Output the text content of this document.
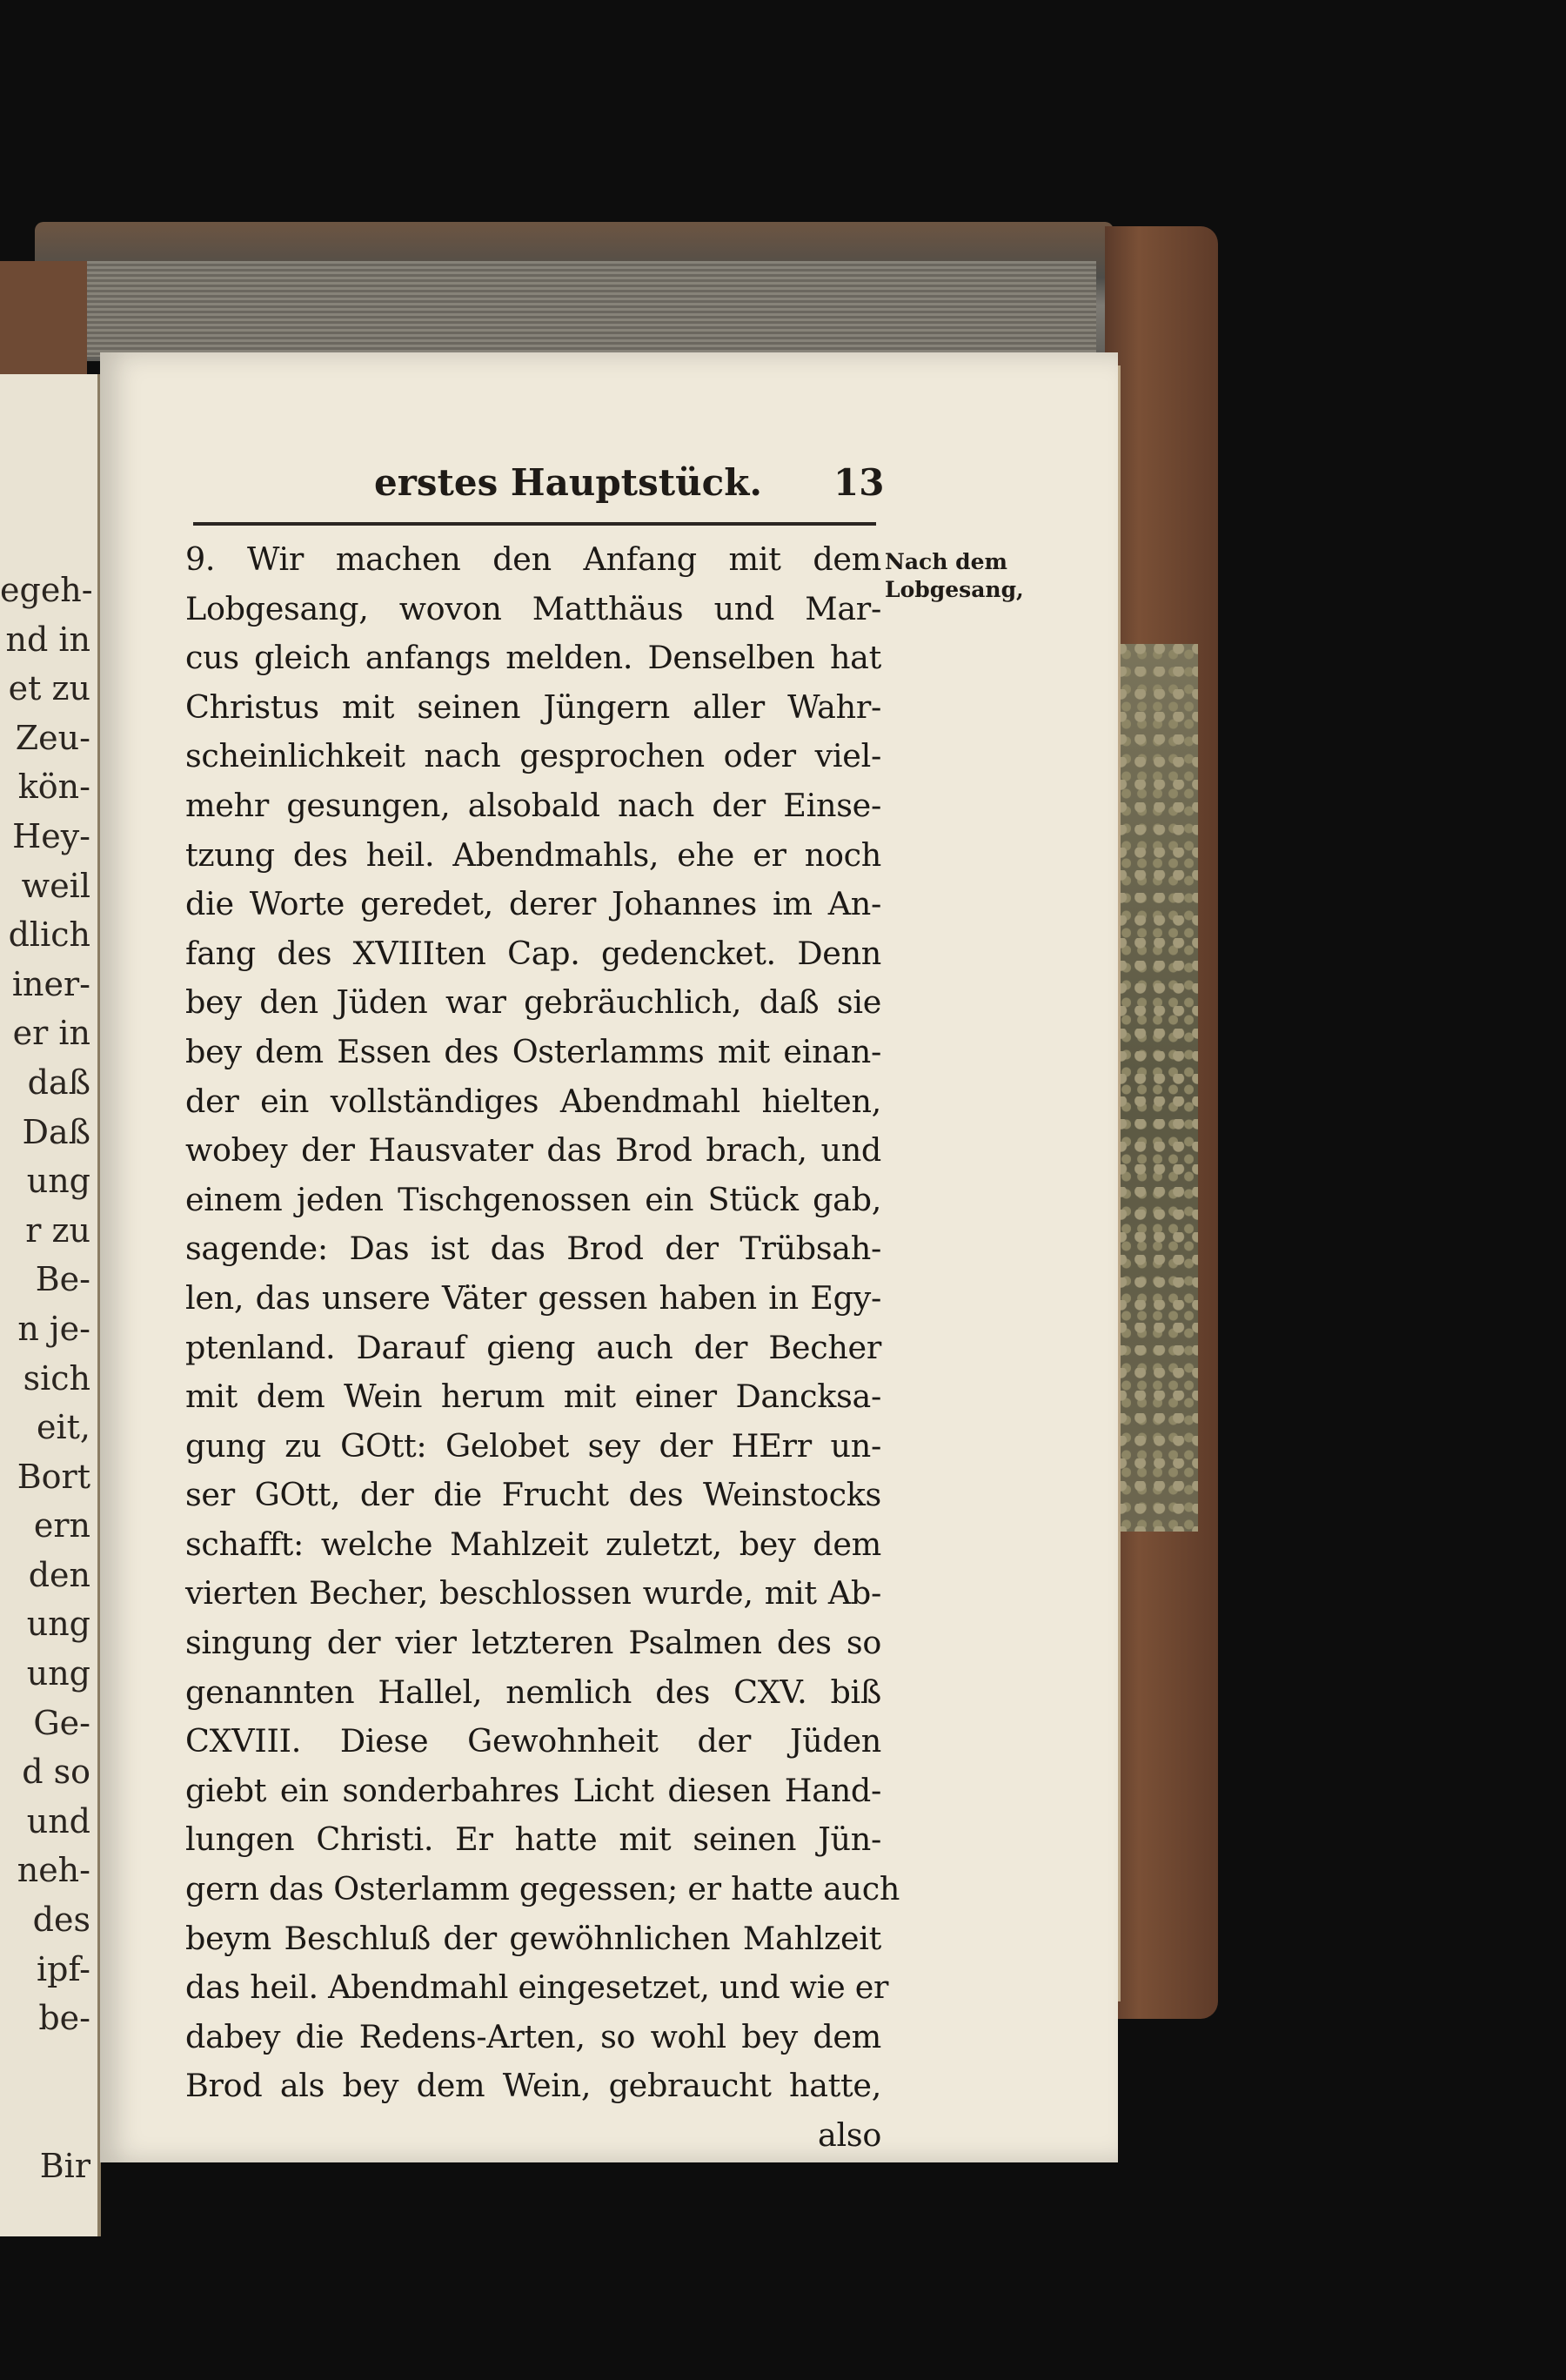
egeh-
nd in
et zu
Zeu-
kön-
Hey-
weil
dlich
iner-
er in
daß
Daß
ung
r zu
Be-
n je-
sich
eit,
Bort
ern
den
ung
ung
Ge-
d so
und
neh-
des
ipf-
be-
Bir
erstes Hauptstück. 13
Nach dem
Lobgesang,
9. Wir machen den Anfang mit dem
Lobgesang, wovon Matthäus und Mar-
cus gleich anfangs melden. Denselben hat
Christus mit seinen Jüngern aller Wahr-
scheinlichkeit nach gesprochen oder viel-
mehr gesungen, alsobald nach der Einse-
tzung des heil. Abendmahls, ehe er noch
die Worte geredet, derer Johannes im An-
fang des XVIIIten Cap. gedencket. Denn
bey den Jüden war gebräuchlich, daß sie
bey dem Essen des Osterlamms mit einan-
der ein vollständiges Abendmahl hielten,
wobey der Hausvater das Brod brach, und
einem jeden Tischgenossen ein Stück gab,
sagende: Das ist das Brod der Trübsah-
len, das unsere Väter gessen haben in Egy-
ptenland. Darauf gieng auch der Becher
mit dem Wein herum mit einer Dancksa-
gung zu GOtt: Gelobet sey der HErr un-
ser GOtt, der die Frucht des Weinstocks
schafft: welche Mahlzeit zuletzt, bey dem
vierten Becher, beschlossen wurde, mit Ab-
singung der vier letzteren Psalmen des so
genannten Hallel, nemlich des CXV. biß
CXVIII. Diese Gewohnheit der Jüden
giebt ein sonderbahres Licht diesen Hand-
lungen Christi. Er hatte mit seinen Jün-
gern das Osterlamm gegessen; er hatte auch
beym Beschluß der gewöhnlichen Mahlzeit
das heil. Abendmahl eingesetzet, und wie er
dabey die Redens-Arten, so wohl bey dem
Brod als bey dem Wein, gebraucht hatte,
also
